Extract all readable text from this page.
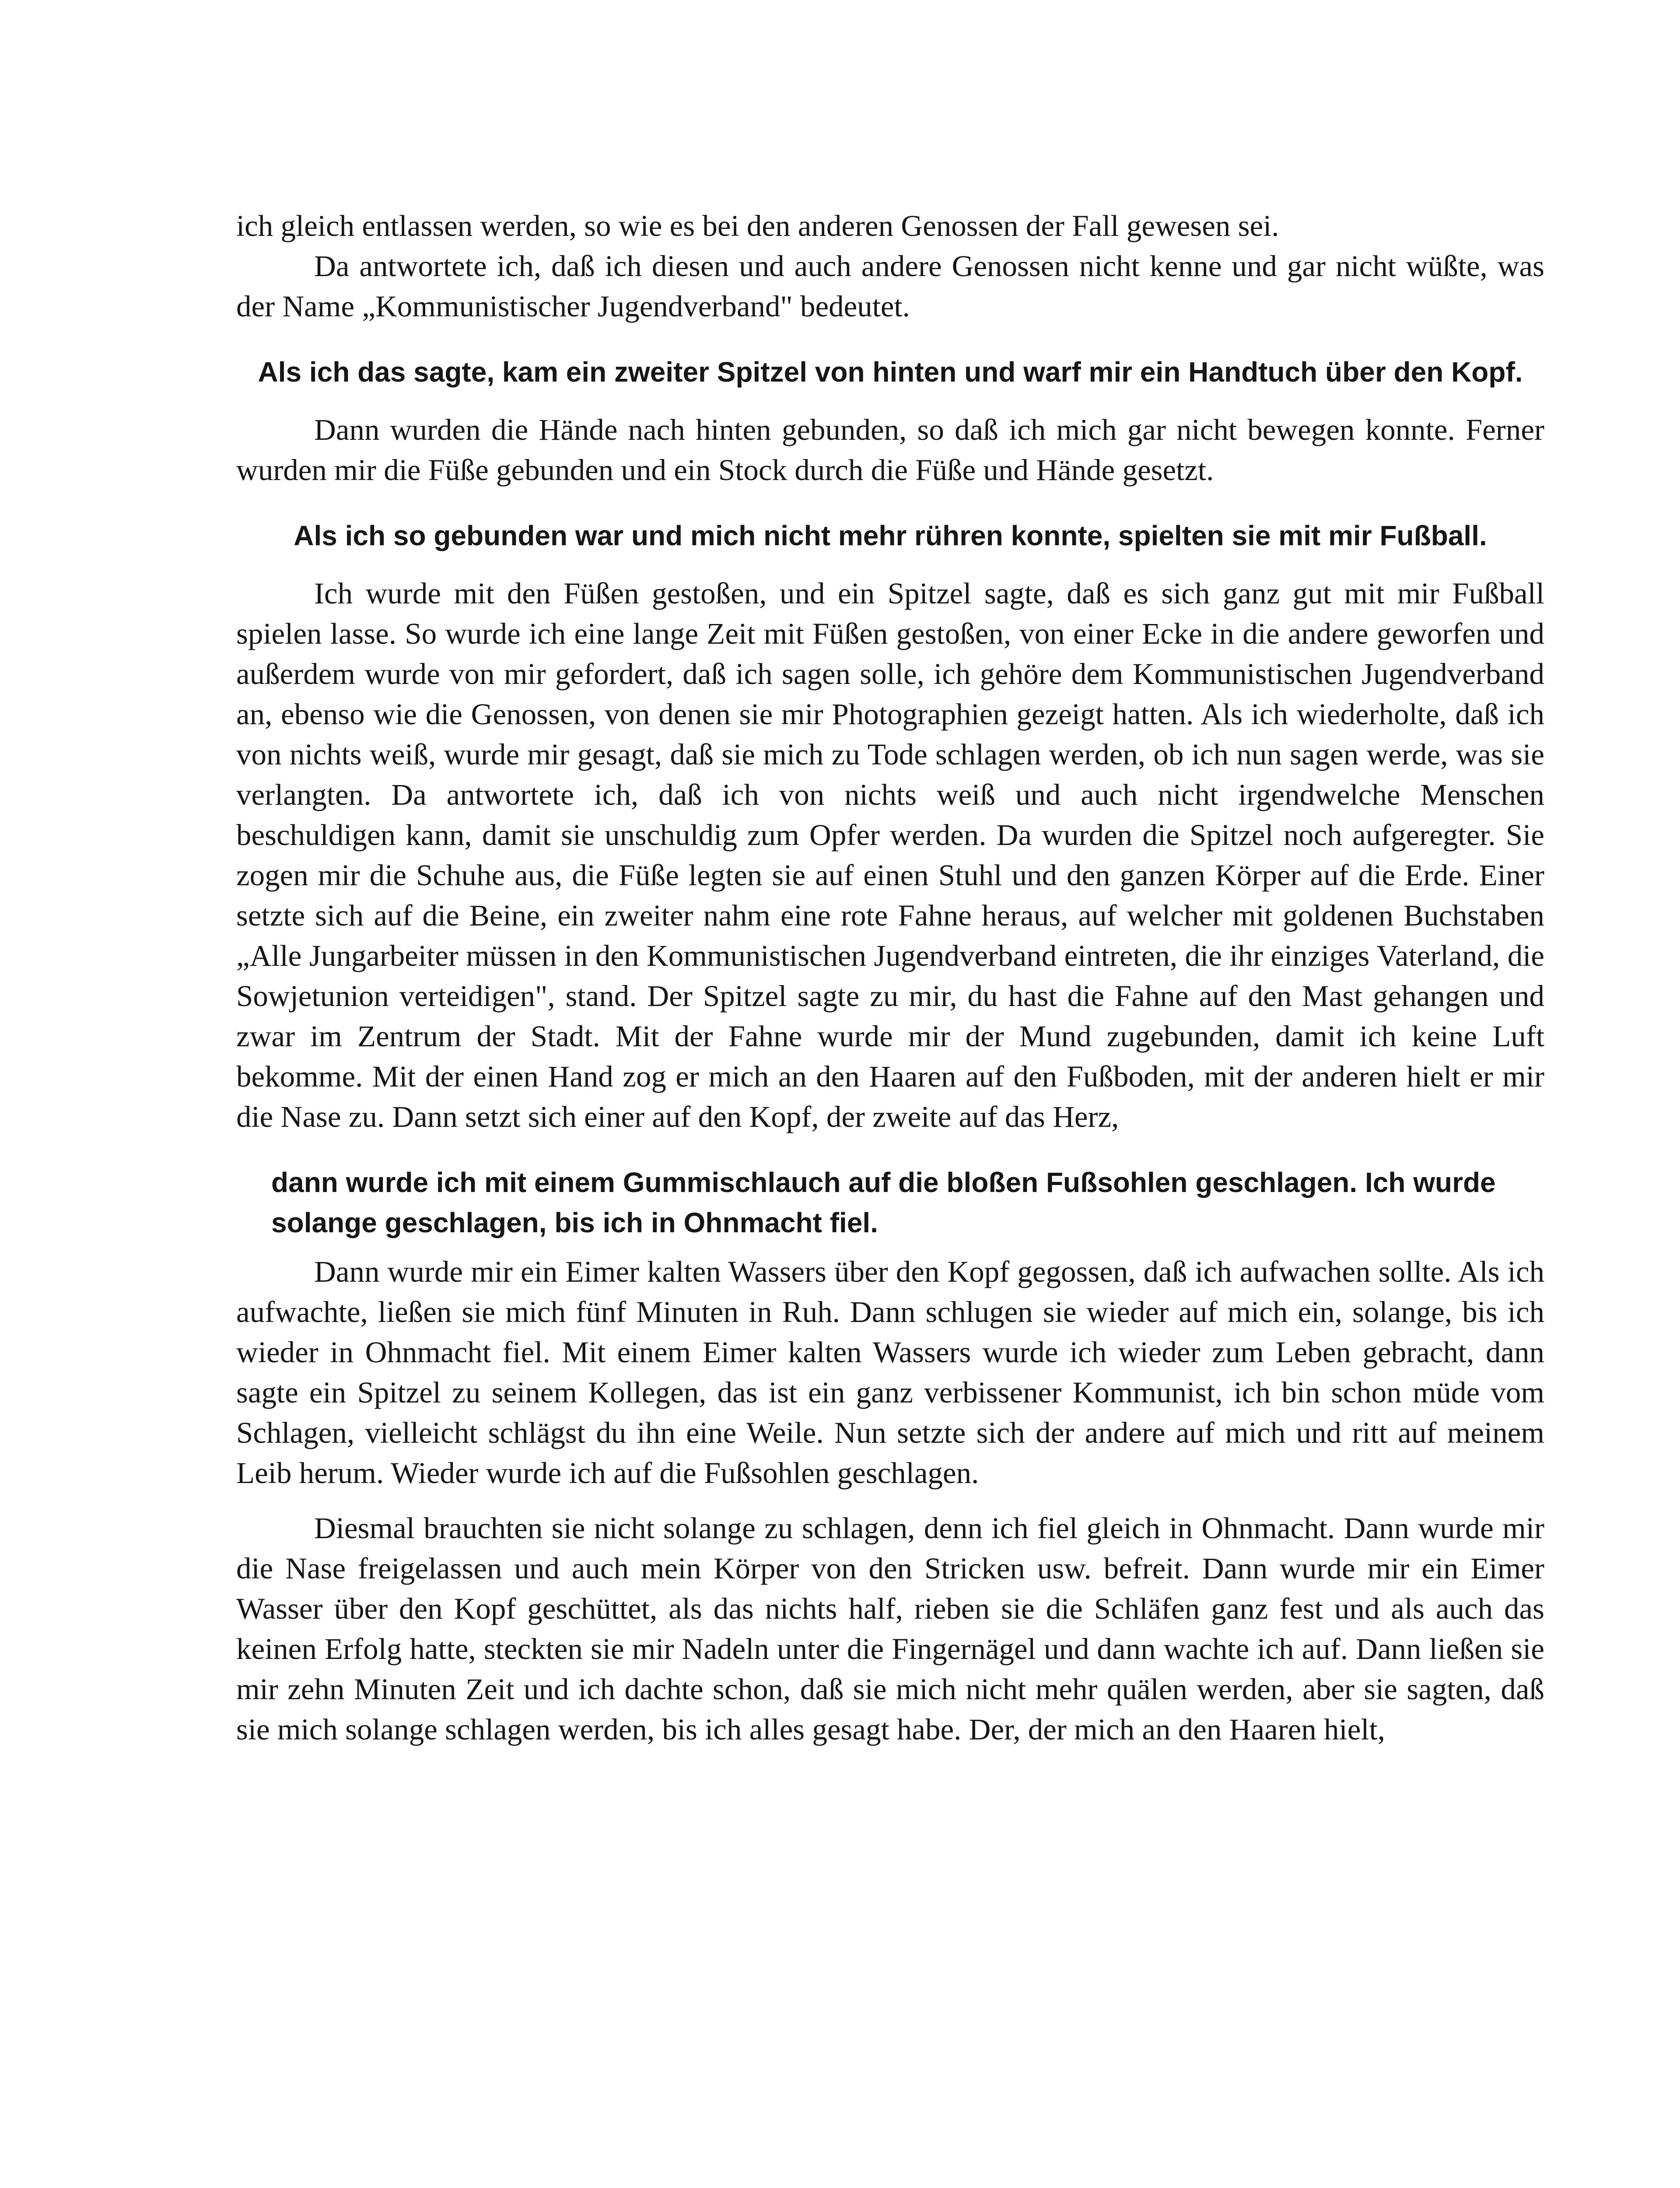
ich gleich entlassen werden, so wie es bei den anderen Genossen der Fall gewesen sei.

Da antwortete ich, daß ich diesen und auch andere Genossen nicht kenne und gar nicht wüßte, was der Name „Kommunistischer Jugendverband" bedeutet.

Als ich das sagte, kam ein zweiter Spitzel von hinten und warf mir ein Handtuch über den Kopf.

Dann wurden die Hände nach hinten gebunden, so daß ich mich gar nicht bewegen konnte. Ferner wurden mir die Füße gebunden und ein Stock durch die Füße und Hände gesetzt.

Als ich so gebunden war und mich nicht mehr rühren konnte, spielten sie mit mir Fußball.

Ich wurde mit den Füßen gestoßen, und ein Spitzel sagte, daß es sich ganz gut mit mir Fußball spielen lasse. So wurde ich eine lange Zeit mit Füßen gestoßen, von einer Ecke in die andere geworfen und außerdem wurde von mir gefordert, daß ich sagen solle, ich gehöre dem Kommunistischen Jugendverband an, ebenso wie die Genossen, von denen sie mir Photographien gezeigt hatten. Als ich wiederholte, daß ich von nichts weiß, wurde mir gesagt, daß sie mich zu Tode schlagen werden, ob ich nun sagen werde, was sie verlangten. Da antwortete ich, daß ich von nichts weiß und auch nicht irgendwelche Menschen beschuldigen kann, damit sie unschuldig zum Opfer werden. Da wurden die Spitzel noch aufgeregter. Sie zogen mir die Schuhe aus, die Füße legten sie auf einen Stuhl und den ganzen Körper auf die Erde. Einer setzte sich auf die Beine, ein zweiter nahm eine rote Fahne heraus, auf welcher mit goldenen Buchstaben „Alle Jungarbeiter müssen in den Kommunistischen Jugendverband eintreten, die ihr einziges Vaterland, die Sowjetunion verteidigen", stand. Der Spitzel sagte zu mir, du hast die Fahne auf den Mast gehangen und zwar im Zentrum der Stadt. Mit der Fahne wurde mir der Mund zugebunden, damit ich keine Luft bekomme. Mit der einen Hand zog er mich an den Haaren auf den Fußboden, mit der anderen hielt er mir die Nase zu. Dann setzt sich einer auf den Kopf, der zweite auf das Herz,

dann wurde ich mit einem Gummischlauch auf die bloßen Fußsohlen geschlagen. Ich wurde solange geschlagen, bis ich in Ohnmacht fiel.

Dann wurde mir ein Eimer kalten Wassers über den Kopf gegossen, daß ich aufwachen sollte. Als ich aufwachte, ließen sie mich fünf Minuten in Ruh. Dann schlugen sie wieder auf mich ein, solange, bis ich wieder in Ohnmacht fiel. Mit einem Eimer kalten Wassers wurde ich wieder zum Leben gebracht, dann sagte ein Spitzel zu seinem Kollegen, das ist ein ganz verbissener Kommunist, ich bin schon müde vom Schlagen, vielleicht schlägst du ihn eine Weile. Nun setzte sich der andere auf mich und ritt auf meinem Leib herum. Wieder wurde ich auf die Fußsohlen geschlagen.

Diesmal brauchten sie nicht solange zu schlagen, denn ich fiel gleich in Ohnmacht. Dann wurde mir die Nase freigelassen und auch mein Körper von den Stricken usw. befreit. Dann wurde mir ein Eimer Wasser über den Kopf geschüttet, als das nichts half, rieben sie die Schläfen ganz fest und als auch das keinen Erfolg hatte, steckten sie mir Nadeln unter die Fingernägel und dann wachte ich auf. Dann ließen sie mir zehn Minuten Zeit und ich dachte schon, daß sie mich nicht mehr quälen werden, aber sie sagten, daß sie mich solange schlagen werden, bis ich alles gesagt habe. Der, der mich an den Haaren hielt,
